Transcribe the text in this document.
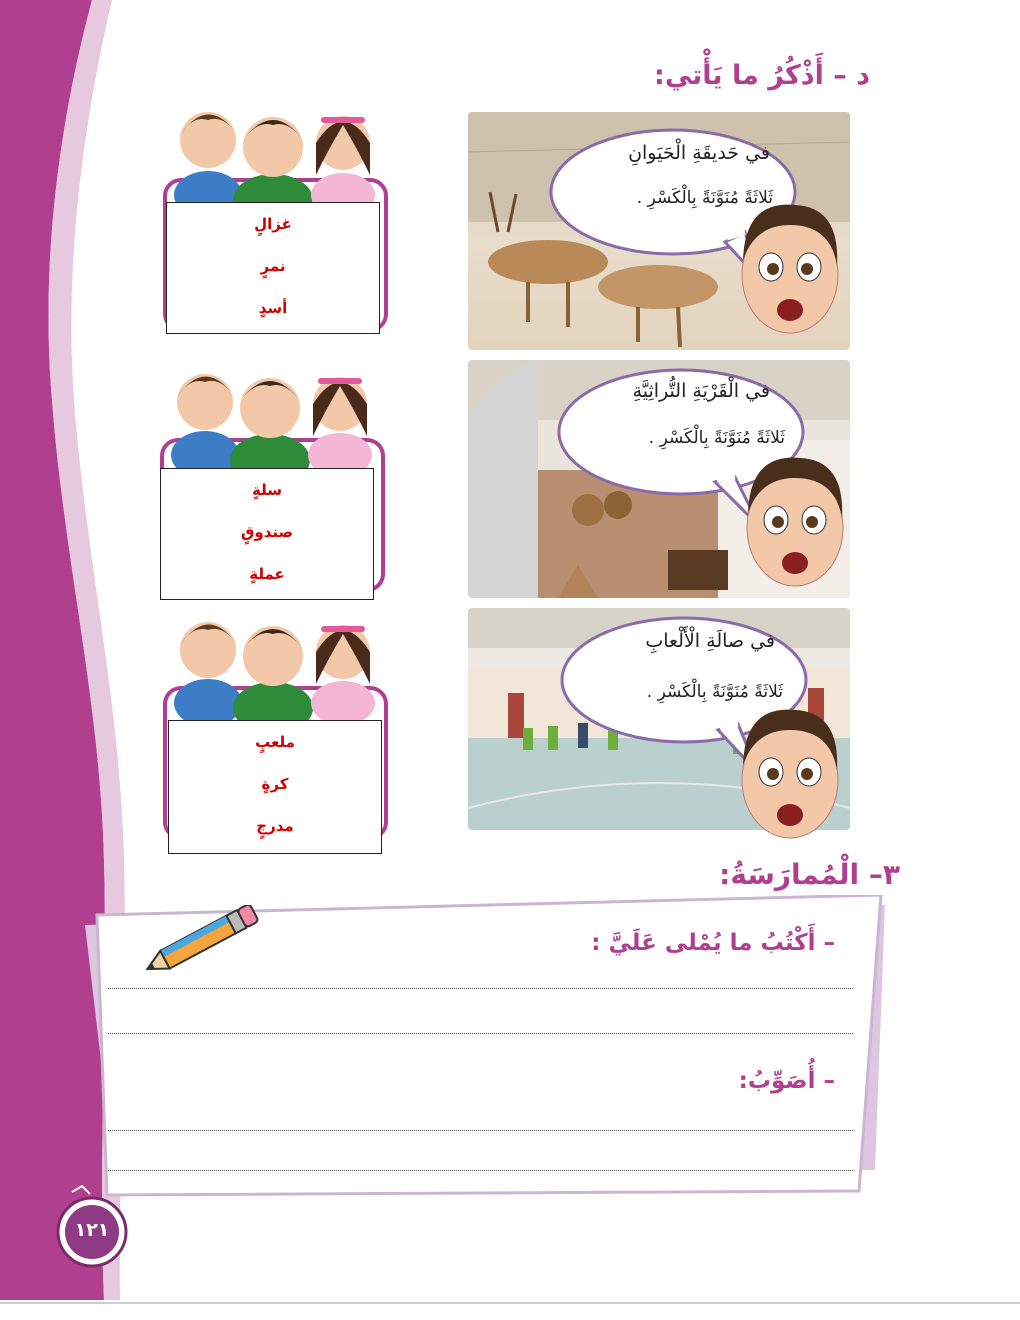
د – أَذْكُرُ ما يَأْتي:
غزالٍ
نمرٍ
أسدٍ
في حَديقَةِ الْحَيَوانِ
ثَلاثَةً مُنَوَّنَةً بِالْكَسْرِ .
سلةٍ
صندوقٍ
عملةٍ
في الْقَرْيَةِ التُّراثِيَّةِ
ثَلاثَةً مُنَوَّنَةً بِالْكَسْرِ .
ملعبٍ
كرةٍ
مدرجٍ
في صالَةِ الْأَلْعابِ
ثَلاثَةً مُنَوَّنَةً بِالْكَسْرِ .
٣– الْمُمارَسَةُ:
– أَكْتُبُ ما يُمْلى عَلَيَّ :
– أُصَوِّبُ:
١٢١
